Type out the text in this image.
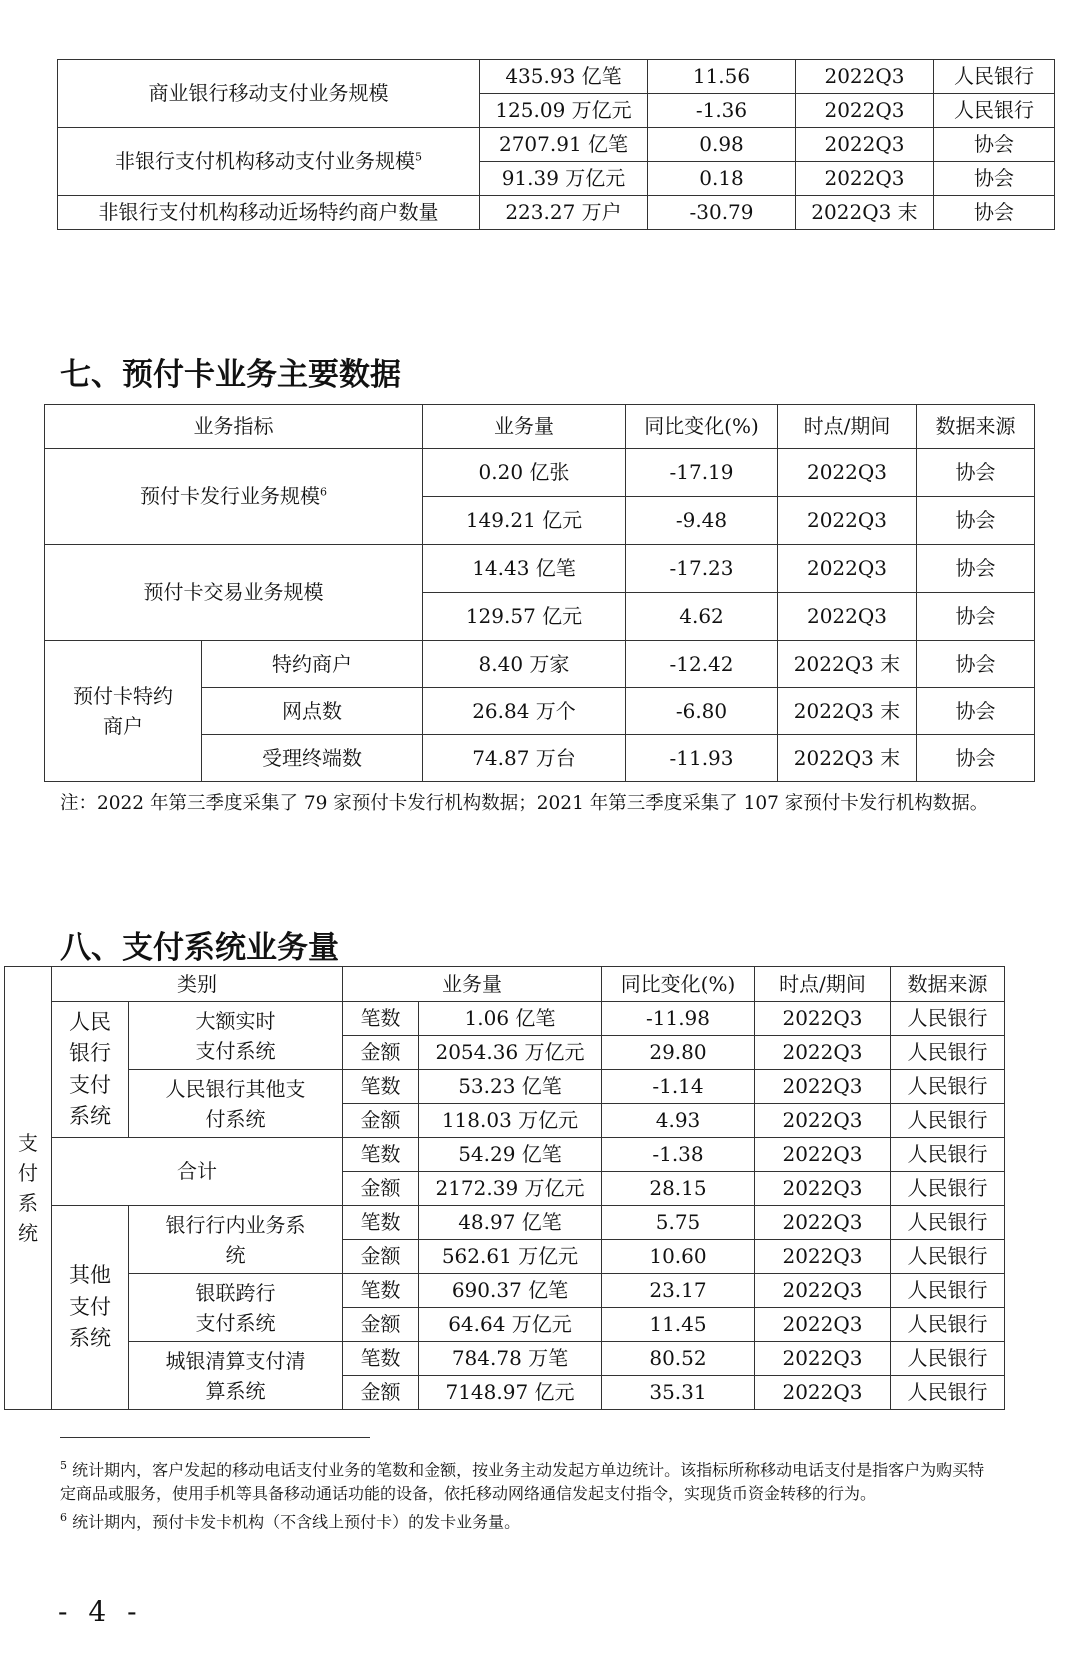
商业银行移动支付业务规模	435.93 亿笔	11.56	2022Q3	人民银行
	125.09 万亿元	-1.36	2022Q3	人民银行
非银行支付机构移动支付业务规模$^5$	2707.91 亿笔	0.98	2022Q3	协会
	91.39 万亿元	0.18	2022Q3	协会
非银行支付机构移动近场特约商户数量	223.27 万户	-30.79	2022Q3 末	协会
七、预付卡业务主要数据
业务指标		业务量	同比变化(%)	时点/期间	数据来源
预付卡发行业务规模$^6$		0.20 亿张	-17.19	2022Q3	协会
		149.21 亿元	-9.48	2022Q3	协会
预付卡交易业务规模		14.43 亿笔	-17.23	2022Q3	协会
		129.57 亿元	4.62	2022Q3	协会

预付卡特约商户	特约商户	8.40 万家	-12.42	2022Q3 末	协会
	网点数	26.84 万个	-6.80	2022Q3 末	协会
	受理终端数	74.87 万台	-11.93	2022Q3 末	协会

注：2022 年第三季度采集了 79 家预付卡发行机构数据；2021 年第三季度采集了 107 家预付卡发行机构数据。

八、支付系统业务量
支付系统	类别		业务量		同比变化(%)	时点/期间	数据来源

	人民银行支付系统	大额实时支付系统	笔数	1.06 亿笔	-11.98	2022Q3	人民银行
			金额	2054.36 万亿元	29.80	2022Q3	人民银行

		人民银行其他支付系统	笔数	53.23 亿笔	-1.14	2022Q3	人民银行
			金额	118.03 万亿元	4.93	2022Q3	人民银行
	合计		笔数	54.29 亿笔	-1.38	2022Q3	人民银行
			金额	2172.39 万亿元	28.15	2022Q3	人民银行

	其他支付系统	银行行内业务系统	笔数	48.97 亿笔	5.75	2022Q3	人民银行
			金额	562.61 万亿元	10.60	2022Q3	人民银行

		银联跨行支付系统	笔数	690.37 亿笔	23.17	2022Q3	人民银行
			金额	64.64 万亿元	11.45	2022Q3	人民银行

		城银清算支付清算系统	笔数	784.78 万笔	80.52	2022Q3	人民银行
			金额	7148.97 亿元	35.31	2022Q3	人民银行

$^5$ 统计期内，客户发起的移动电话支付业务的笔数和金额，按业务主动发起方单边统计。该指标所称移动电话支付是指客户为购买特定商品或服务，使用手机等具备移动通话功能的设备，依托移动网络通信发起支付指令，实现货币资金转移的行为。

$^6$ 统计期内，预付卡发卡机构（不含线上预付卡）的发卡业务量。

- 4 -
